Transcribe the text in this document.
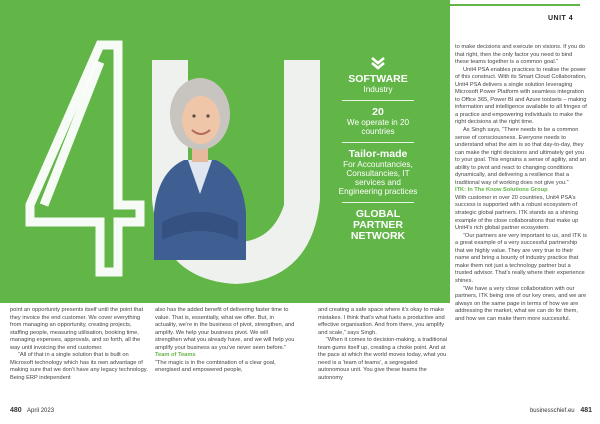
SOFTWARE
Industry
20
We operate in 20 countries
Tailor-made
For Accountancies, Consultancies, IT services and Engineering practices
GLOBAL PARTNER NETWORK
UNIT 4

to make decisions and execute on visions. If you do that right, then the only factor you need to bind these teams together is a common goal.”

Unit4 PSA enables practices to realise the power of this construct. With its Smart Cloud Collaboration, Unit4 PSA delivers a single solution leveraging Microsoft Power Platform with seamless integration to Office 365, Power BI and Azure toolsets – making information and intelligence available to all fringes of a practice and empowering individuals to make the right decisions at the right time.

As Singh says, “There needs to be a common sense of consciousness. Everyone needs to understand what the aim is so that day-to-day, they can make the right decisions and ultimately get you to your goal. This engrains a sense of agility, and an ability to pivot and react to changing conditions dynamically, and delivering a resilience that a traditional way of working does not give you.”

ITK: In The Know Solutions Group

With customer in over 20 countries, Unit4 PSA’s success is supported with a robust ecosystem of strategic global partners. ITK stands as a shining example of the close collaborations that make up Unit4’s rich global partner ecosystem.

“Our partners are very important to us, and ITK is a great example of a very successful partnership that we highly value. They are very true to their name and bring a bounty of industry practice that make them not just a technology partner but a trusted advisor. That’s really where their experience shines.

“We have a very close collaboration with our partners, ITK being one of our key ones, and we are always on the same page in terms of how we are addressing the market, what we can do for them, and how we can make them more successful.

point an opportunity presents itself until the point that they invoice the end customer. We cover everything from managing an opportunity, creating projects, staffing people, measuring utilisation, booking time, managing expenses, approvals, and so forth, all the way until invoicing the end customer.

“All of that in a single solution that is built on Microsoft technology which has its own advantage of making sure that we don’t have any legacy technology. Being ERP independent

also has the added benefit of delivering faster time to value. That is, essentially, what we offer. But, in actuality, we’re in the business of pivot, strengthen, and amplify. We help your business pivot. We will strengthen what you already have, and we will help you amplify your business as you’ve never seen before.”

Team of Teams

“The magic is in the combination of a clear goal, energised and empowered people,

and creating a safe space where it’s okay to make mistakes. I think that’s what fuels a productive and effective organisation. And from there, you amplify and scale,” says Singh.

“When it comes to decision-making, a traditional team gums itself up, creating a choke point. And at the pace at which the world moves today, what you need is a ‘team of teams’, a segregated autonomous unit. You give these teams the autonomy

480 April 2023	businesschief.eu 481
